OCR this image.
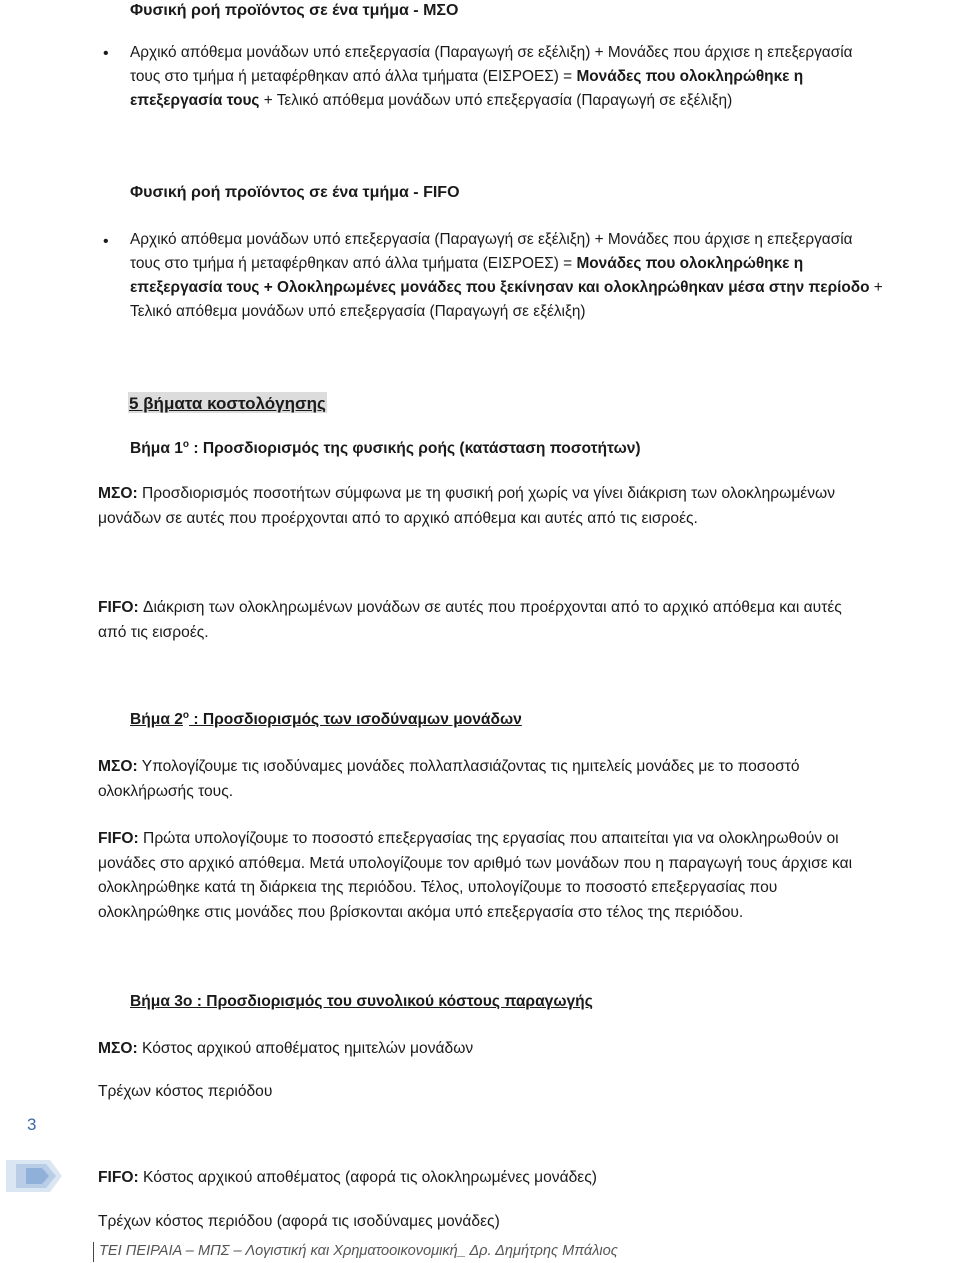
Φυσική ροή προϊόντος σε ένα τμήμα - ΜΣΟ
• Αρχικό απόθεμα μονάδων υπό επεξεργασία (Παραγωγή σε εξέλιξη) + Μονάδες που άρχισε η επεξεργασία
τους στο τμήμα ή μεταφέρθηκαν από άλλα τμήματα (ΕΙΣΡΟΕΣ) = Μονάδες που ολοκληρώθηκε η
επεξεργασία τους + Τελικό απόθεμα μονάδων υπό επεξεργασία (Παραγωγή σε εξέλιξη)
Φυσική ροή προϊόντος σε ένα τμήμα - FIFO
• Αρχικό απόθεμα μονάδων υπό επεξεργασία (Παραγωγή σε εξέλιξη) + Μονάδες που άρχισε η επεξεργασία
τους στο τμήμα ή μεταφέρθηκαν από άλλα τμήματα (ΕΙΣΡΟΕΣ) = Μονάδες που ολοκληρώθηκε η
επεξεργασία τους + Ολοκληρωμένες μονάδες που ξεκίνησαν και ολοκληρώθηκαν μέσα στην περίοδο +
Τελικό απόθεμα μονάδων υπό επεξεργασία (Παραγωγή σε εξέλιξη)
5 βήματα κοστολόγησης
Βήμα $1^o$ : Προσδιορισμός της φυσικής ροής (κατάσταση ποσοτήτων)
ΜΣΟ: Προσδιορισμός ποσοτήτων σύμφωνα με τη φυσική ροή χωρίς να γίνει διάκριση των ολοκληρωμένων
μονάδων σε αυτές που προέρχονται από το αρχικό απόθεμα και αυτές από τις εισροές.
FIFO: Διάκριση των ολοκληρωμένων μονάδων σε αυτές που προέρχονται από το αρχικό απόθεμα και αυτές
από τις εισροές.
Βήμα $2^o$ : Προσδιορισμός των ισοδύναμων μονάδων
ΜΣΟ: Υπολογίζουμε τις ισοδύναμες μονάδες πολλαπλασιάζοντας τις ημιτελείς μονάδες με το ποσοστό
ολοκλήρωσής τους.
FIFO: Πρώτα υπολογίζουμε το ποσοστό επεξεργασίας της εργασίας που απαιτείται για να ολοκληρωθούν οι
μονάδες στο αρχικό απόθεμα. Μετά υπολογίζουμε τον αριθμό των μονάδων που η παραγωγή τους άρχισε και
ολοκληρώθηκε κατά τη διάρκεια της περιόδου. Τέλος, υπολογίζουμε το ποσοστό επεξεργασίας που
ολοκληρώθηκε στις μονάδες που βρίσκονται ακόμα υπό επεξεργασία στο τέλος της περιόδου.
Βήμα 3ο : Προσδιορισμός του συνολικού κόστους παραγωγής
ΜΣΟ: Κόστος αρχικού αποθέματος ημιτελών μονάδων
Τρέχων κόστος περιόδου
FIFO: Κόστος αρχικού αποθέματος (αφορά τις ολοκληρωμένες μονάδες)
Τρέχων κόστος περιόδου (αφορά τις ισοδύναμες μονάδες)
3
ΤΕΙ ΠΕΙΡΑΙΑ – ΜΠΣ – Λογιστική και Χρηματοοικονομική_ Δρ. Δημήτρης Μπάλιος
